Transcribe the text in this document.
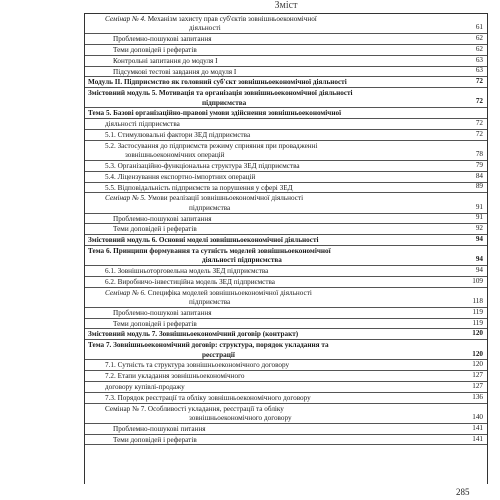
Зміст
Семінар № 4. Механізм захисту прав суб'єктів зовнішньоекономічної
діяльності	61
Проблемно-пошукові запитання	62
Теми доповідей і рефератів	62
Контрольні запитання до модуля І	63
Підсумкові тестові завдання до модуля І	63
Модуль ІІ. Підприємство як головний суб'єкт зовнішньоекономічної діяльності	72
Змістовний модуль 5. Мотивація та організація зовнішньоекономічної діяльності
підприємства	72
Тема 5. Базові організаційно-правові умови здійснення зовнішньоекономічної
діяльності підприємства	72
5.1. Стимулювальні фактори ЗЕД підприємства	72
5.2. Застосування до підприємств режиму сприяння при провадженні
зовнішньоекономічних операцій	78
5.3. Організаційно-функціональна структура ЗЕД підприємства	79
5.4. Ліцензування експортно-імпортних операцій	84
5.5. Відповідальність підприємств за порушення у сфері ЗЕД	89
Семінар № 5. Умови реалізації зовнішньоекономічної діяльності
підприємства	91
Проблемно-пошукові запитання	91
Теми доповідей і рефератів	92
Змістовний модуль 6. Основні моделі зовнішньоекономічної діяльності	94
Тема 6. Принципи формування та сутність моделей зовнішньоекономічної
діяльності підприємства	94
6.1. Зовнішньоторговельна модель ЗЕД підприємства	94
6.2. Виробничо-інвестиційна модель ЗЕД підприємства	109
Семінар № 6. Специфіка моделей зовнішньоекономічної діяльності
підприємства	118
Проблемно-пошукові запитання	119
Теми доповідей і рефератів	119
Змістовний модуль 7. Зовнішньоекономічний договір (контракт)	120
Тема 7. Зовнішньоекономічний договір: структура, порядок укладання та
реєстрації	120
7.1. Сутність та структура зовнішньоекономічного договору	120
7.2. Етапи укладання зовнішньоекономічного	127
договору купівлі-продажу	127
7.3. Порядок реєстрації та обліку зовнішньоекономічного договору	136
Семінар № 7. Особливості укладання, реєстрації та обліку
зовнішньоекономічного договору	140
Проблемно-пошукові питання	141
Теми доповідей і рефератів	141
285
